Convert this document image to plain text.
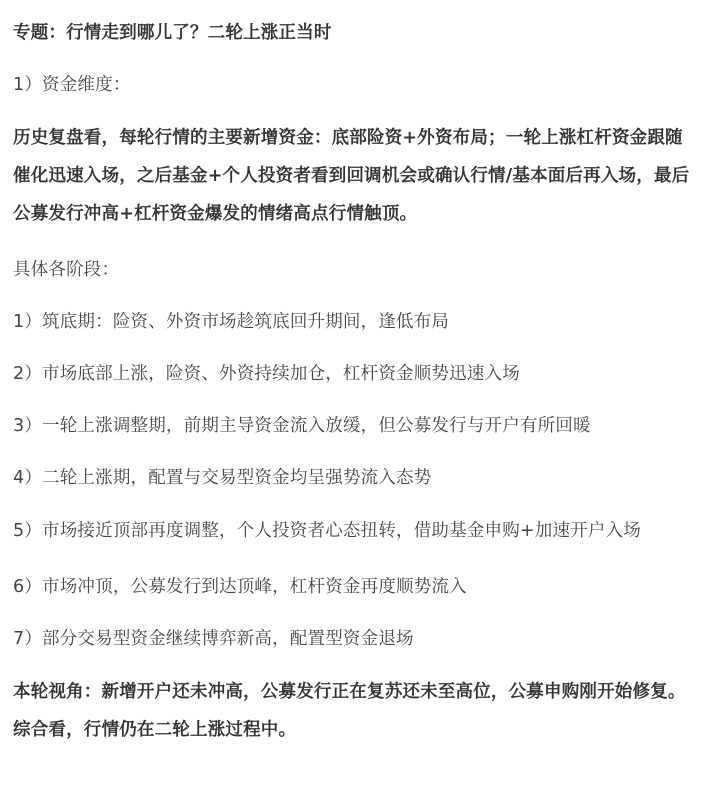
专题：行情走到哪儿了？二轮上涨正当时

1）资金维度：

历史复盘看，每轮行情的主要新增资金：底部险资+外资布局；一轮上涨杠杆资金跟随催化迅速入场，之后基金+个人投资者看到回调机会或确认行情/基本面后再入场，最后公募发行冲高+杠杆资金爆发的情绪高点行情触顶。

具体各阶段：

1）筑底期：险资、外资市场趁筑底回升期间，逢低布局

2）市场底部上涨，险资、外资持续加仓，杠杆资金顺势迅速入场

3）一轮上涨调整期，前期主导资金流入放缓，但公募发行与开户有所回暖

4）二轮上涨期，配置与交易型资金均呈强势流入态势

5）市场接近顶部再度调整，个人投资者心态扭转，借助基金申购+加速开户入场

6）市场冲顶，公募发行到达顶峰，杠杆资金再度顺势流入

7）部分交易型资金继续博弈新高，配置型资金退场

本轮视角：新增开户还未冲高，公募发行正在复苏还未至高位，公募申购刚开始修复。综合看，行情仍在二轮上涨过程中。
